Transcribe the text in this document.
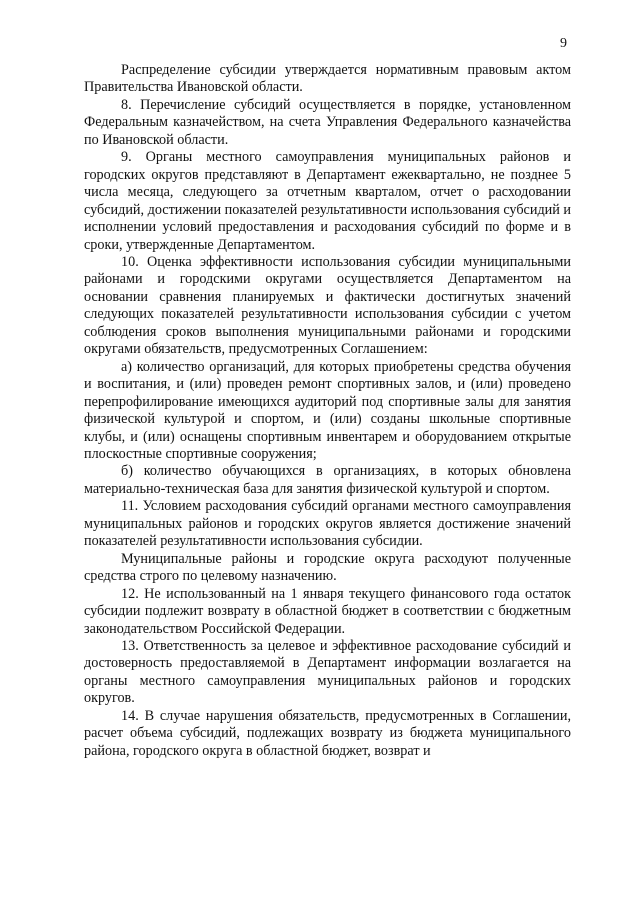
9

Распределение субсидии утверждается нормативным правовым актом Правительства Ивановской области.

8. Перечисление субсидий осуществляется в порядке, установленном Федеральным казначейством, на счета Управления Федерального казначейства по Ивановской области.

9. Органы местного самоуправления муниципальных районов и городских округов представляют в Департамент ежеквартально, не позднее 5 числа месяца, следующего за отчетным кварталом, отчет о расходовании субсидий, достижении показателей результативности использования субсидий и исполнении условий предоставления и расходования субсидий по форме и в сроки, утвержденные Департаментом.

10. Оценка эффективности использования субсидии муниципальными районами и городскими округами осуществляется Департаментом на основании сравнения планируемых и фактически достигнутых значений следующих показателей результативности использования субсидии с учетом соблюдения сроков выполнения муниципальными районами и городскими округами обязательств, предусмотренных Соглашением:

а) количество организаций, для которых приобретены средства обучения и воспитания, и (или) проведен ремонт спортивных залов, и (или) проведено перепрофилирование имеющихся аудиторий под спортивные залы для занятия физической культурой и спортом, и (или) созданы школьные спортивные клубы, и (или) оснащены спортивным инвентарем и оборудованием открытые плоскостные спортивные сооружения;

б) количество обучающихся в организациях, в которых обновлена материально-техническая база для занятия физической культурой и спортом.

11. Условием расходования субсидий органами местного самоуправления муниципальных районов и городских округов является достижение значений показателей результативности использования субсидии.

Муниципальные районы и городские округа расходуют полученные средства строго по целевому назначению.

12. Не использованный на 1 января текущего финансового года остаток субсидии подлежит возврату в областной бюджет в соответствии с бюджетным законодательством Российской Федерации.

13. Ответственность за целевое и эффективное расходование субсидий и достоверность предоставляемой в Департамент информации возлагается на органы местного самоуправления муниципальных районов и городских округов.

14. В случае нарушения обязательств, предусмотренных в Соглашении, расчет объема субсидий, подлежащих возврату из бюджета муниципального района, городского округа в областной бюджет, возврат и
